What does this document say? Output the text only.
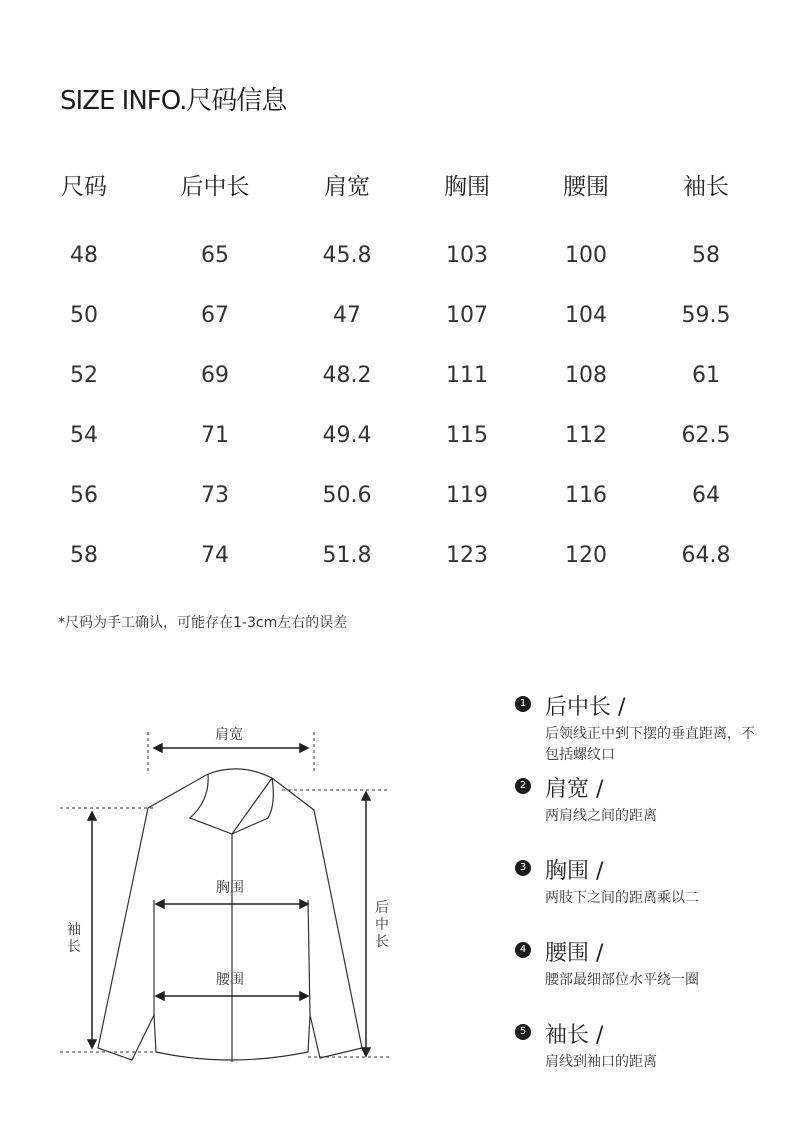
SIZE INFO.尺码信息
尺码	后中长	肩宽	胸围	腰围	袖长
48	65	45.8	103	100	58
50	67	47	107	104	59.5
52	69	48.2	111	108	61
54	71	49.4	115	112	62.5
56	73	50.6	119	116	64
58	74	51.8	123	120	64.8
*尺码为手工确认，可能存在1-3cm左右的误差
肩宽
胸围
腰围
袖长
后中长
1 后中长 /
后领线正中到下摆的垂直距离，不包括螺纹口
2 肩宽 /
两肩线之间的距离
3 胸围 /
两肢下之间的距离乘以二
4 腰围 /
腰部最细部位水平绕一圈
5 袖长 /
肩线到袖口的距离
